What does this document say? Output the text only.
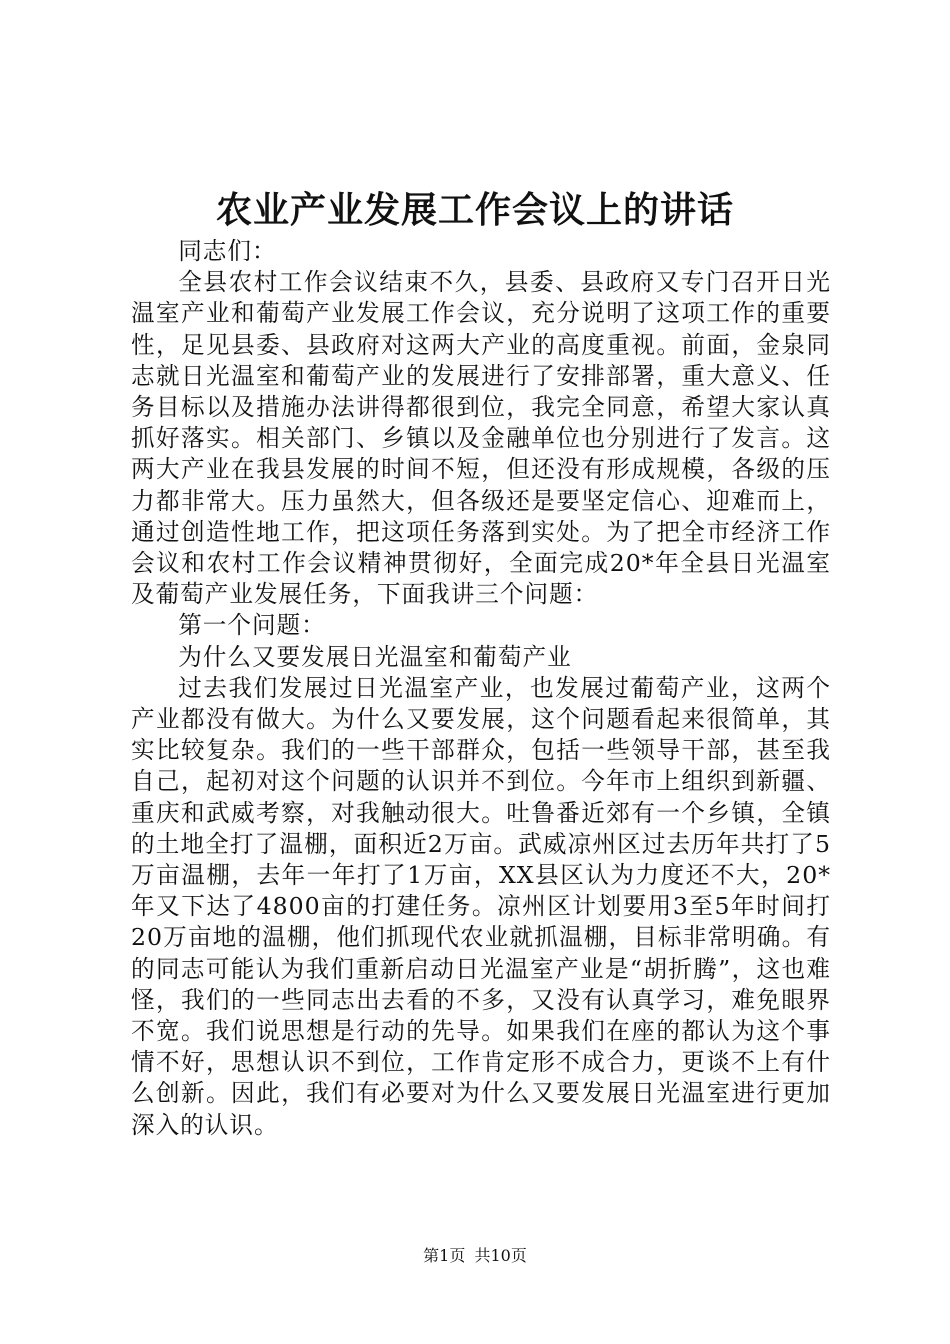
农业产业发展工作会议上的讲话

同志们：

全县农村工作会议结束不久，县委、县政府又专门召开日光温室产业和葡萄产业发展工作会议，充分说明了这项工作的重要性，足见县委、县政府对这两大产业的高度重视。前面，金泉同志就日光温室和葡萄产业的发展进行了安排部署，重大意义、任务目标以及措施办法讲得都很到位，我完全同意，希望大家认真抓好落实。相关部门、乡镇以及金融单位也分别进行了发言。这两大产业在我县发展的时间不短，但还没有形成规模，各级的压力都非常大。压力虽然大，但各级还是要坚定信心、迎难而上，通过创造性地工作，把这项任务落到实处。为了把全市经济工作会议和农村工作会议精神贯彻好，全面完成20*年全县日光温室及葡萄产业发展任务，下面我讲三个问题：

第一个问题：

为什么又要发展日光温室和葡萄产业

过去我们发展过日光温室产业，也发展过葡萄产业，这两个产业都没有做大。为什么又要发展，这个问题看起来很简单，其实比较复杂。我们的一些干部群众，包括一些领导干部，甚至我自己，起初对这个问题的认识并不到位。今年市上组织到新疆、重庆和武威考察，对我触动很大。吐鲁番近郊有一个乡镇，全镇的土地全打了温棚，面积近2万亩。武威凉州区过去历年共打了5万亩温棚，去年一年打了1万亩，XX县区认为力度还不大，20*年又下达了4800亩的打建任务。凉州区计划要用3至5年时间打20万亩地的温棚，他们抓现代农业就抓温棚，目标非常明确。有的同志可能认为我们重新启动日光温室产业是“胡折腾”，这也难怪，我们的一些同志出去看的不多，又没有认真学习，难免眼界不宽。我们说思想是行动的先导。如果我们在座的都认为这个事情不好，思想认识不到位，工作肯定形不成合力，更谈不上有什么创新。因此，我们有必要对为什么又要发展日光温室进行更加深入的认识。

第1页 共10页
